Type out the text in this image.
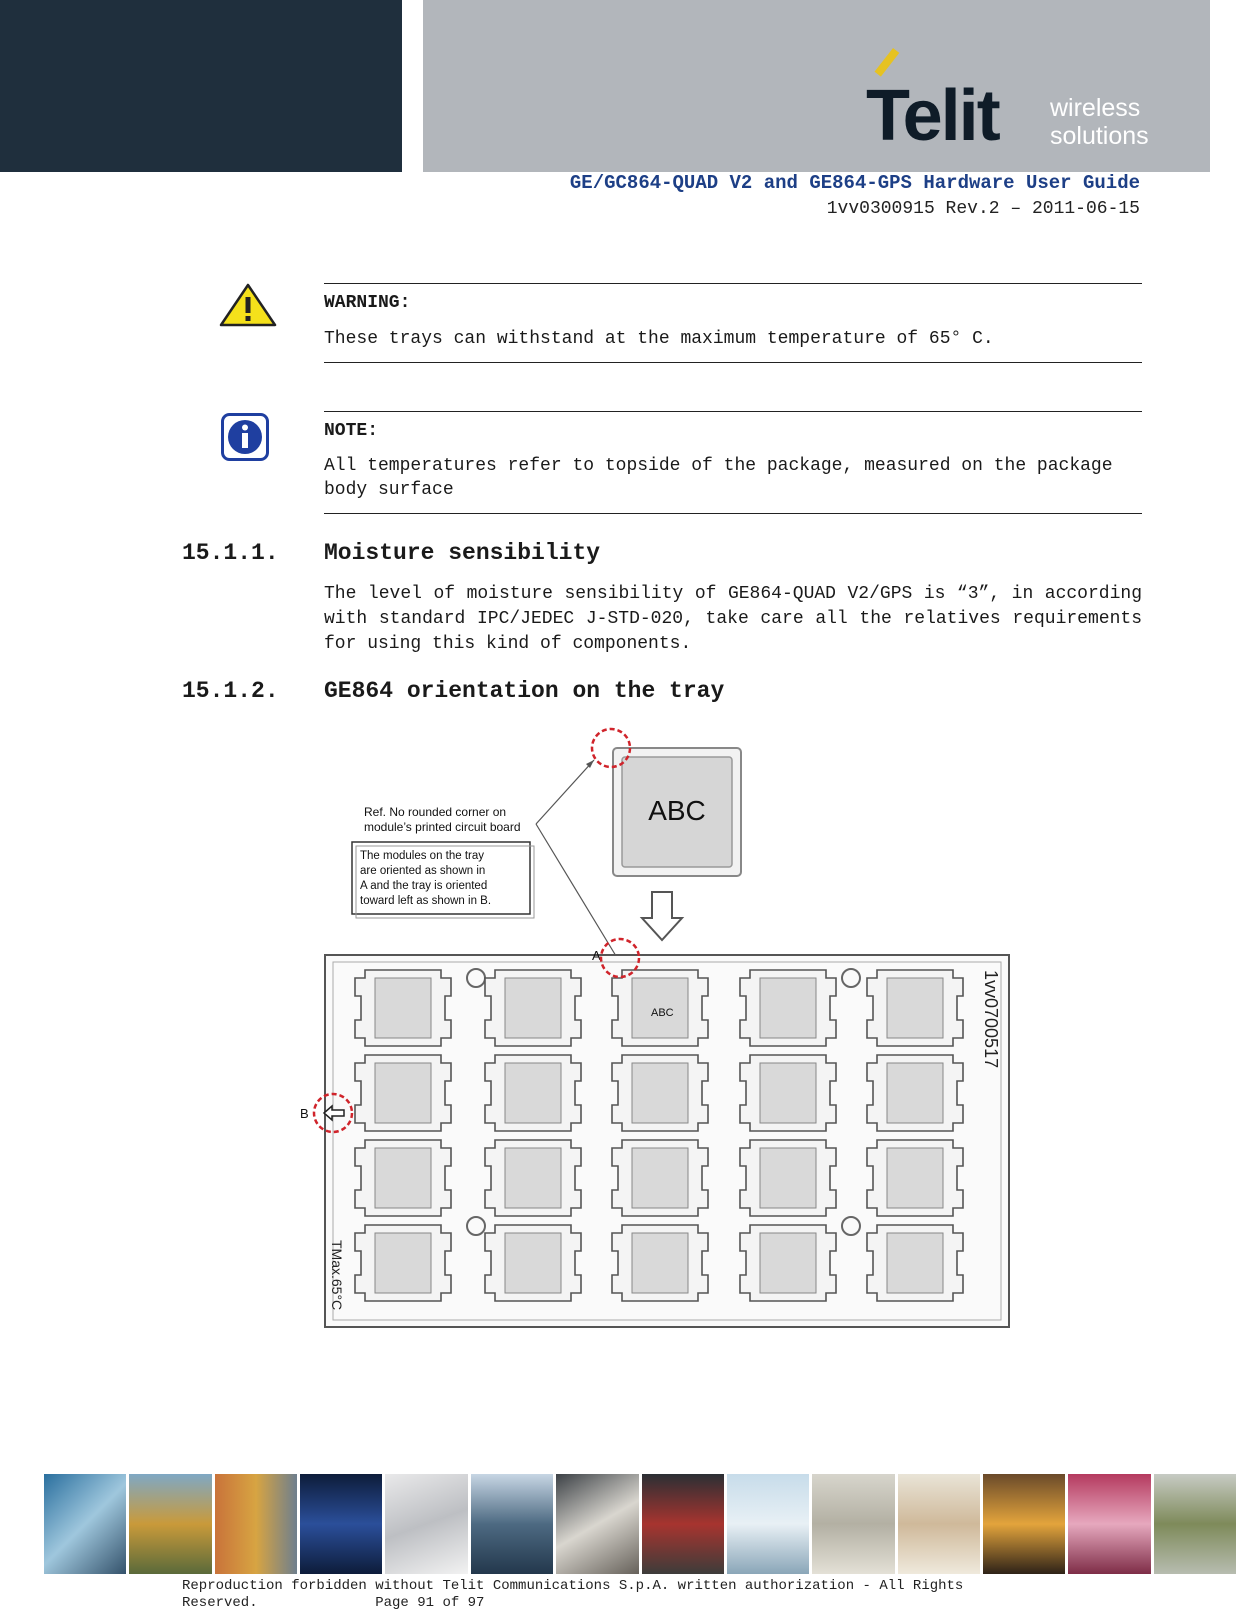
Telit wireless
solutions
GE/GC864-QUAD V2 and GE864-GPS Hardware User Guide
1vv0300915 Rev.2 – 2011-06-15
WARNING:
These trays can withstand at the maximum temperature of 65° C.
NOTE:
All temperatures refer to topside of the package, measured on the package body surface
15.1.1. Moisture sensibility
The level of moisture sensibility of GE864-QUAD V2/GPS is “3”, in according with standard IPC/JEDEC J-STD-020, take care all the relatives requirements for using this kind of components.
15.1.2. GE864 orientation on the tray
ABC
Ref. No rounded corner on
module’s printed circuit board
The modules on the tray
are oriented as shown in
A and the tray is oriented
toward left as shown in B.
1vv0700517
TMax.65°C
ABC
A
B
Reproduction forbidden without Telit Communications S.p.A. written authorization - All Rights
Reserved.              Page 91 of 97
